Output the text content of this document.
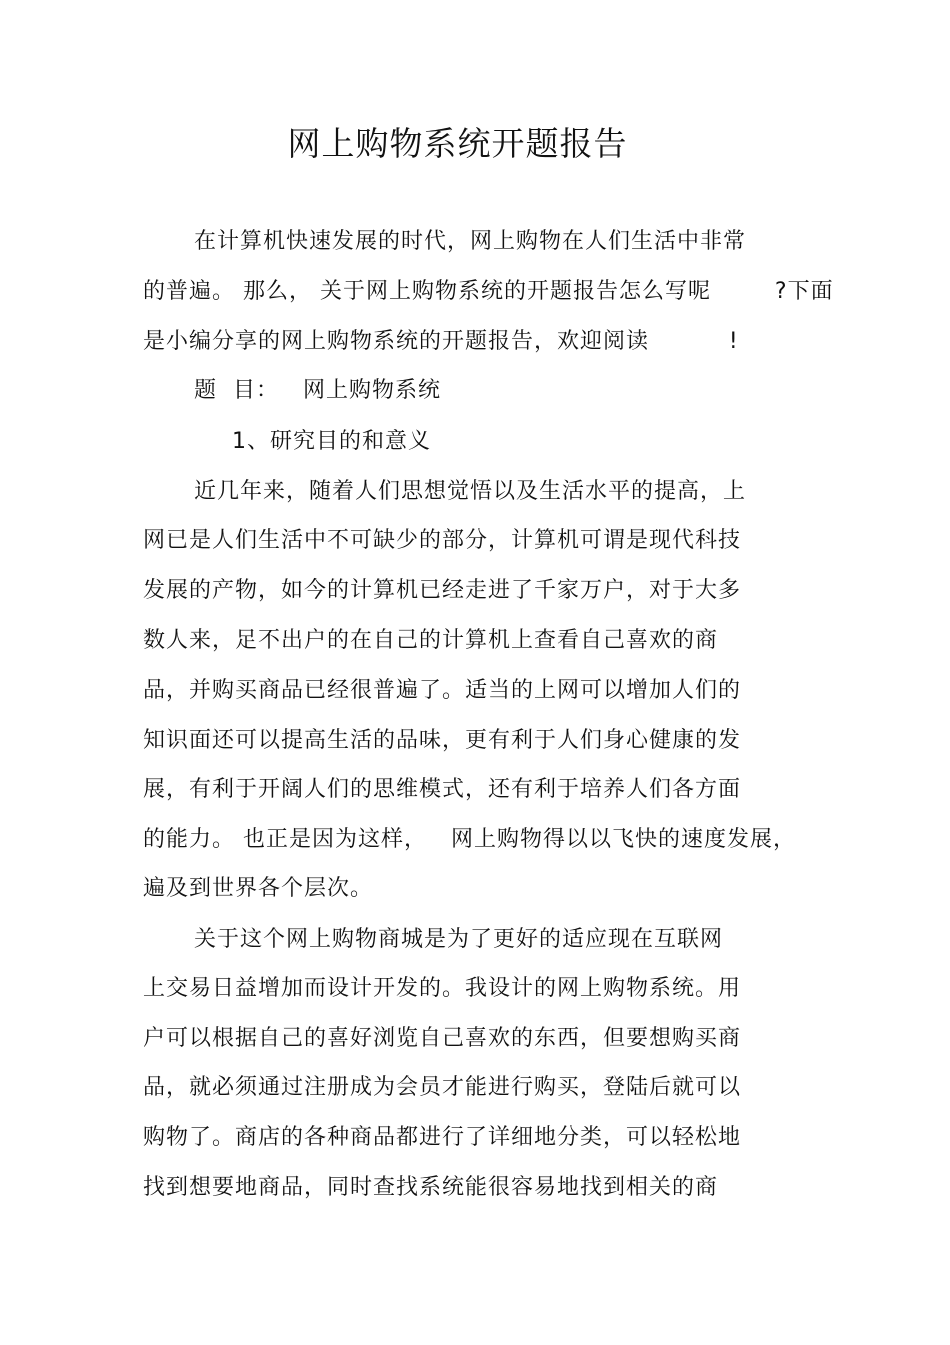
网上购物系统开题报告
在计算机快速发展的时代，网上购物在人们生活中非常
的普遍。 那么， 关于网上购物系统的开题报告怎么写呢        ?下面
是小编分享的网上购物系统的开题报告，欢迎阅读          !
题  目：   网上购物系统
1、研究目的和意义
近几年来，随着人们思想觉悟以及生活水平的提高，上
网已是人们生活中不可缺少的部分，计算机可谓是现代科技
发展的产物，如今的计算机已经走进了千家万户，对于大多
数人来，足不出户的在自己的计算机上查看自己喜欢的商
品，并购买商品已经很普遍了。适当的上网可以增加人们的
知识面还可以提高生活的品味，更有利于人们身心健康的发
展，有利于开阔人们的思维模式，还有利于培养人们各方面
的能力。 也正是因为这样，   网上购物得以以飞快的速度发展，
遍及到世界各个层次。
关于这个网上购物商城是为了更好的适应现在互联网
上交易日益增加而设计开发的。我设计的网上购物系统。用
户可以根据自己的喜好浏览自己喜欢的东西，但要想购买商
品，就必须通过注册成为会员才能进行购买，登陆后就可以
购物了。商店的各种商品都进行了详细地分类，可以轻松地
找到想要地商品，同时查找系统能很容易地找到相关的商
